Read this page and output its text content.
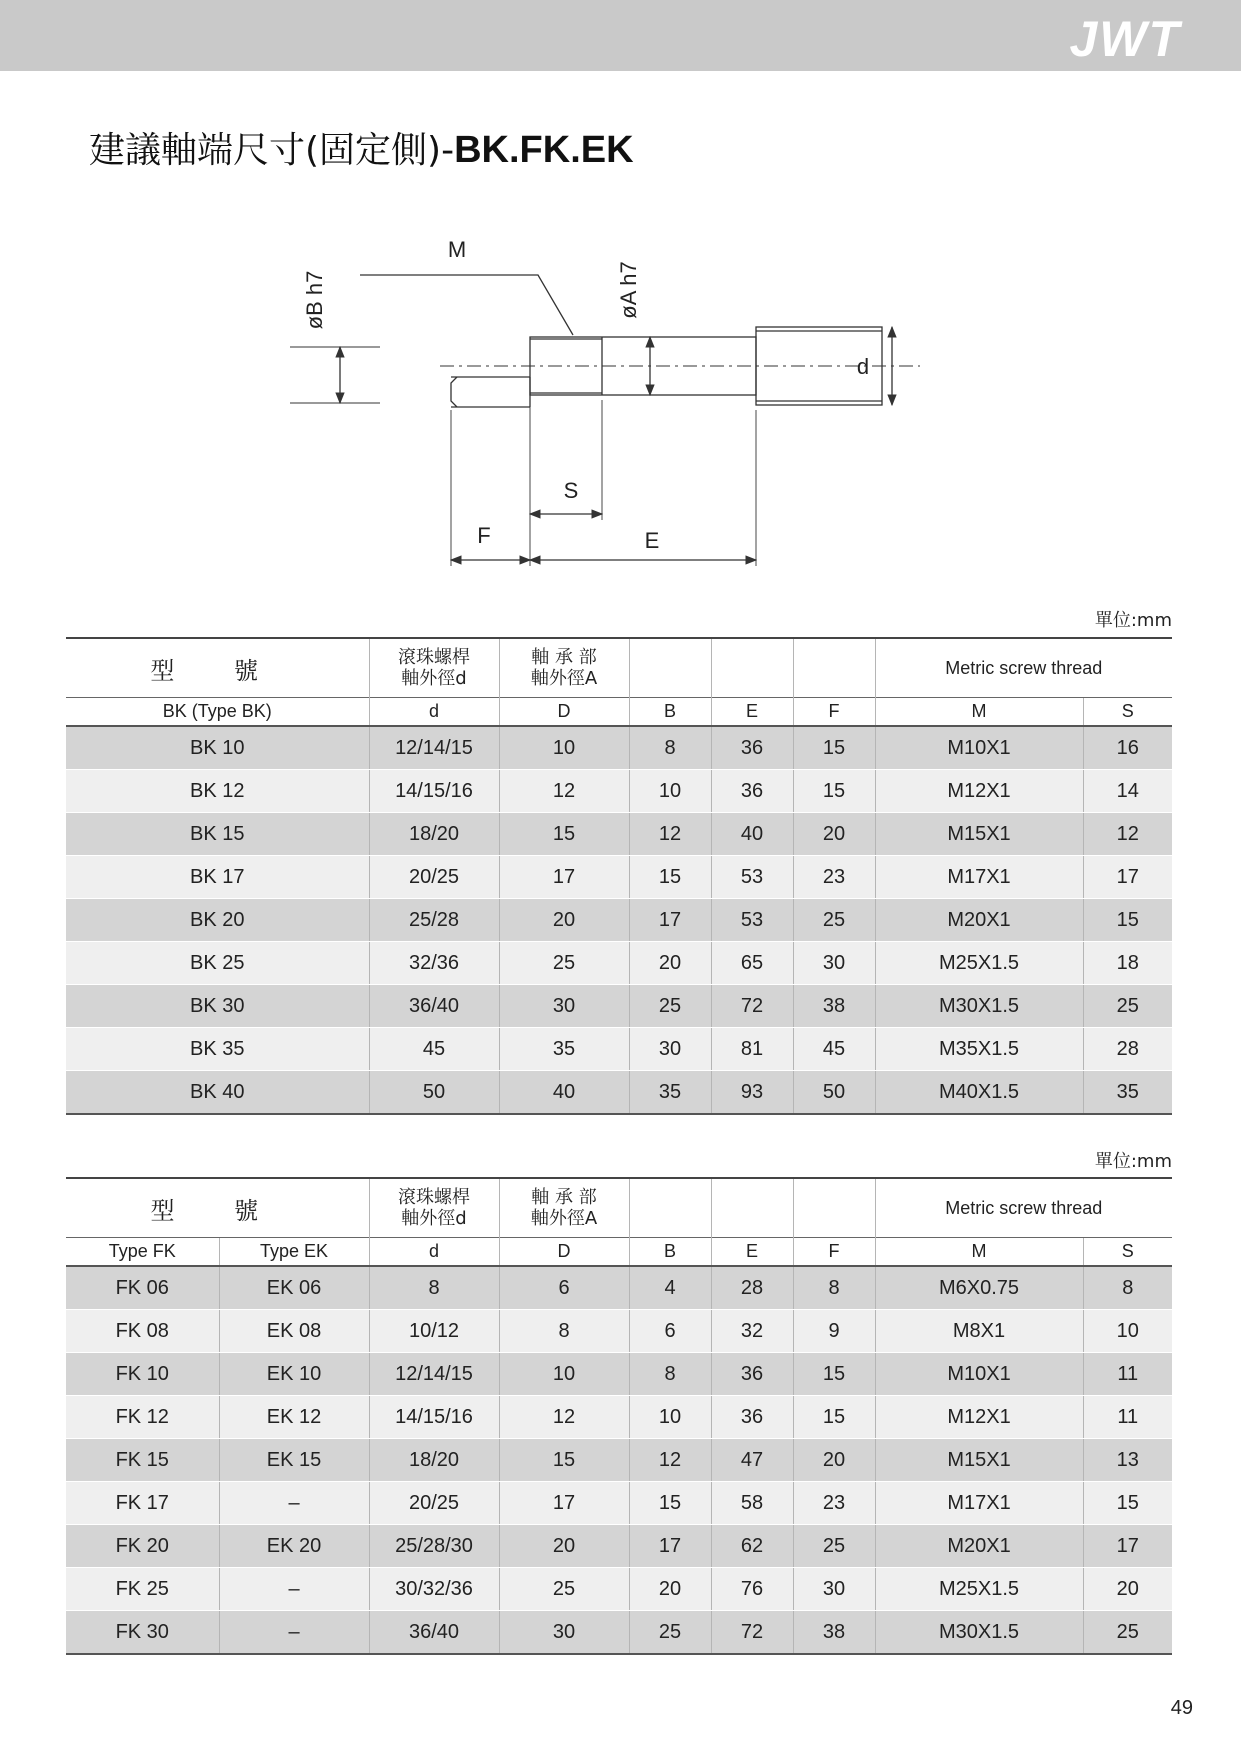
JWT
建議軸端尺寸(固定側)-BK.FK.EK
øB h7	øA h7
M
d
S
F	E
單位:mm
型 號	滾珠螺桿
軸外徑d	軸 承 部
軸外徑A				Metric screw thread	
BK (Type BK)	d	D	B	E	F	M	S
BK 10	12/14/15	10	8	36	15	M10X1	16
BK 12	14/15/16	12	10	36	15	M12X1	14
BK 15	18/20	15	12	40	20	M15X1	12
BK 17	20/25	17	15	53	23	M17X1	17
BK 20	25/28	20	17	53	25	M20X1	15
BK 25	32/36	25	20	65	30	M25X1.5	18
BK 30	36/40	30	25	72	38	M30X1.5	25
BK 35	45	35	30	81	45	M35X1.5	28
BK 40	50	40	35	93	50	M40X1.5	35
單位:mm
型 號		滾珠螺桿
軸外徑d	軸 承 部
軸外徑A				Metric screw thread	
Type FK	Type EK	d	D	B	E	F	M	S
FK 06	EK 06	8	6	4	28	8	M6X0.75	8
FK 08	EK 08	10/12	8	6	32	9	M8X1	10
FK 10	EK 10	12/14/15	10	8	36	15	M10X1	11
FK 12	EK 12	14/15/16	12	10	36	15	M12X1	11
FK 15	EK 15	18/20	15	12	47	20	M15X1	13
FK 17	–	20/25	17	15	58	23	M17X1	15
FK 20	EK 20	25/28/30	20	17	62	25	M20X1	17
FK 25	–	30/32/36	25	20	76	30	M25X1.5	20
FK 30	–	36/40	30	25	72	38	M30X1.5	25
49
